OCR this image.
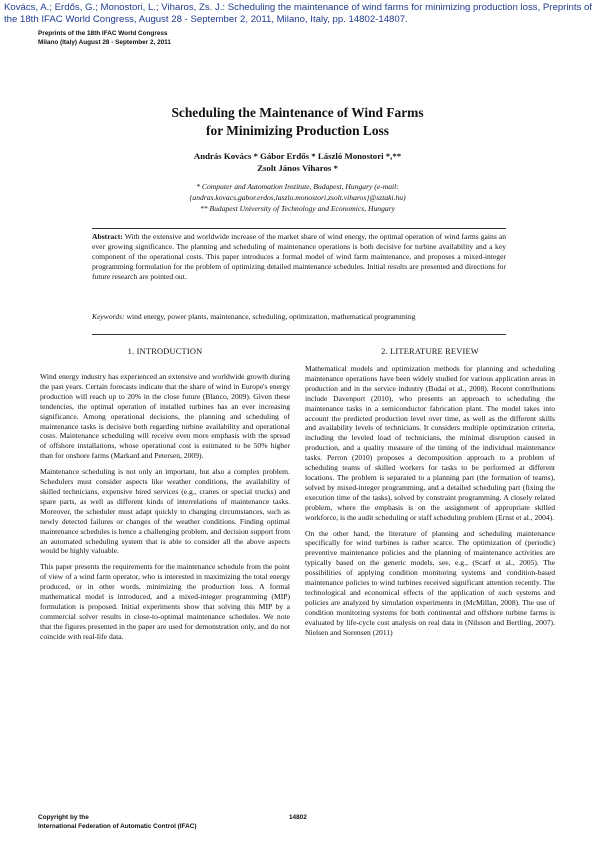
Kovács, A.; Erdős, G.; Monostori, L.; Viharos, Zs. J.: Scheduling the maintenance of wind farms for minimizing production loss, Preprints of the 18th IFAC World Congress, August 28 - September 2, 2011, Milano, Italy, pp. 14802-14807.
Preprints of the 18th IFAC World Congress
Milano (Italy) August 28 - September 2, 2011
Scheduling the Maintenance of Wind Farms
for Minimizing Production Loss
András Kovács * Gábor Erdős * László Monostori *,**
Zsolt János Viharos *
* Computer and Automation Institute, Budapest, Hungary (e-mail:
{andras.kovacs,gabor.erdos,laszlo.monostori,zsolt.viharos}@sztaki.hu)
** Budapest University of Technology and Economics, Hungary
Abstract: With the extensive and worldwide increase of the market share of wind energy, the optimal operation of wind farms gains an ever growing significance. The planning and scheduling of maintenance operations is both decisive for turbine availability and a key component of the operational costs. This paper introduces a formal model of wind farm maintenance, and proposes a mixed-integer programming formulation for the problem of optimizing detailed maintenance schedules. Initial results are presented and directions for future research are pointed out.
Keywords: wind energy, power plants, maintenance, scheduling, optimization, mathematical programming
1. INTRODUCTION

Wind energy industry has experienced an extensive and worldwide growth during the past years. Certain forecasts indicate that the share of wind in Europe's energy production will reach up to 20% in the close future (Blanco, 2009). Given these tendencies, the optimal operation of installed turbines has an ever increasing significance. Among operational decisions, the planning and scheduling of maintenance tasks is decisive both regarding turbine availability and operational costs. Maintenance scheduling will receive even more emphasis with the spread of offshore installations, whose operational cost is estimated to be 50% higher than for onshore farms (Markard and Petersen, 2009).

Maintenance scheduling is not only an important, but also a complex problem. Schedulers must consider aspects like weather conditions, the availability of skilled technicians, expensive hired services (e.g., cranes or special trucks) and spare parts, as well as different kinds of interrelations of maintenance tasks. Moreover, the scheduler must adapt quickly to changing circumstances, such as newly detected failures or changes of the weather conditions. Finding optimal maintenance schedules is hence a challenging problem, and decision support from an automated scheduling system that is able to consider all the above aspects would be highly valuable.

This paper presents the requirements for the maintenance schedule from the point of view of a wind farm operator, who is interested in maximizing the total energy produced, or in other words, minimizing the production loss. A formal mathematical model is introduced, and a mixed-integer programming (MIP) formulation is proposed. Initial experiments show that solving this MIP by a commercial solver results in close-to-optimal maintenance schedules. We note that the figures presented in the paper are used for demonstration only, and do not coincide with real-life data.

2. LITERATURE REVIEW

Mathematical models and optimization methods for planning and scheduling maintenance operations have been widely studied for various application areas in production and in the service industry (Budai et al., 2008). Recent contributions include Davenport (2010), who presents an approach to scheduling the maintenance tasks in a semiconductor fabrication plant. The model takes into account the predicted production level over time, as well as the different skills and availability levels of technicians. It considers multiple optimization criteria, including the leveled load of technicians, the minimal disruption caused in production, and a quality measure of the timing of the individual maintenance tasks. Perron (2010) proposes a decomposition approach to a problem of scheduling teams of skilled workers for tasks to be performed at different locations. The problem is separated to a planning part (the formation of teams), solved by mixed-integer programming, and a detailed scheduling part (fixing the execution time of the tasks), solved by constraint programming. A closely related problem, where the emphasis is on the assignment of appropriate skilled workforce, is the audit scheduling or staff scheduling problem (Ernst et al., 2004).

On the other hand, the literature of planning and scheduling maintenance specifically for wind turbines is rather scarce. The optimization of (periodic) preventive maintenance policies and the planning of maintenance activities are typically based on the generic models, see, e.g., (Scarf et al., 2005). The possibilities of applying condition monitoring systems and condition-based maintenance policies to wind turbines received significant attention recently. The technological and economical effects of the application of such systems and policies are analyzed by simulation experiments in (McMillan, 2008). The use of condition monitoring systems for both continental and offshore turbine farms is evaluated by life-cycle cost analysis on real data in (Nilsson and Bertling, 2007). Nielsen and Sorensen (2011)

Copyright by the
International Federation of Automatic Control (IFAC)
14802
